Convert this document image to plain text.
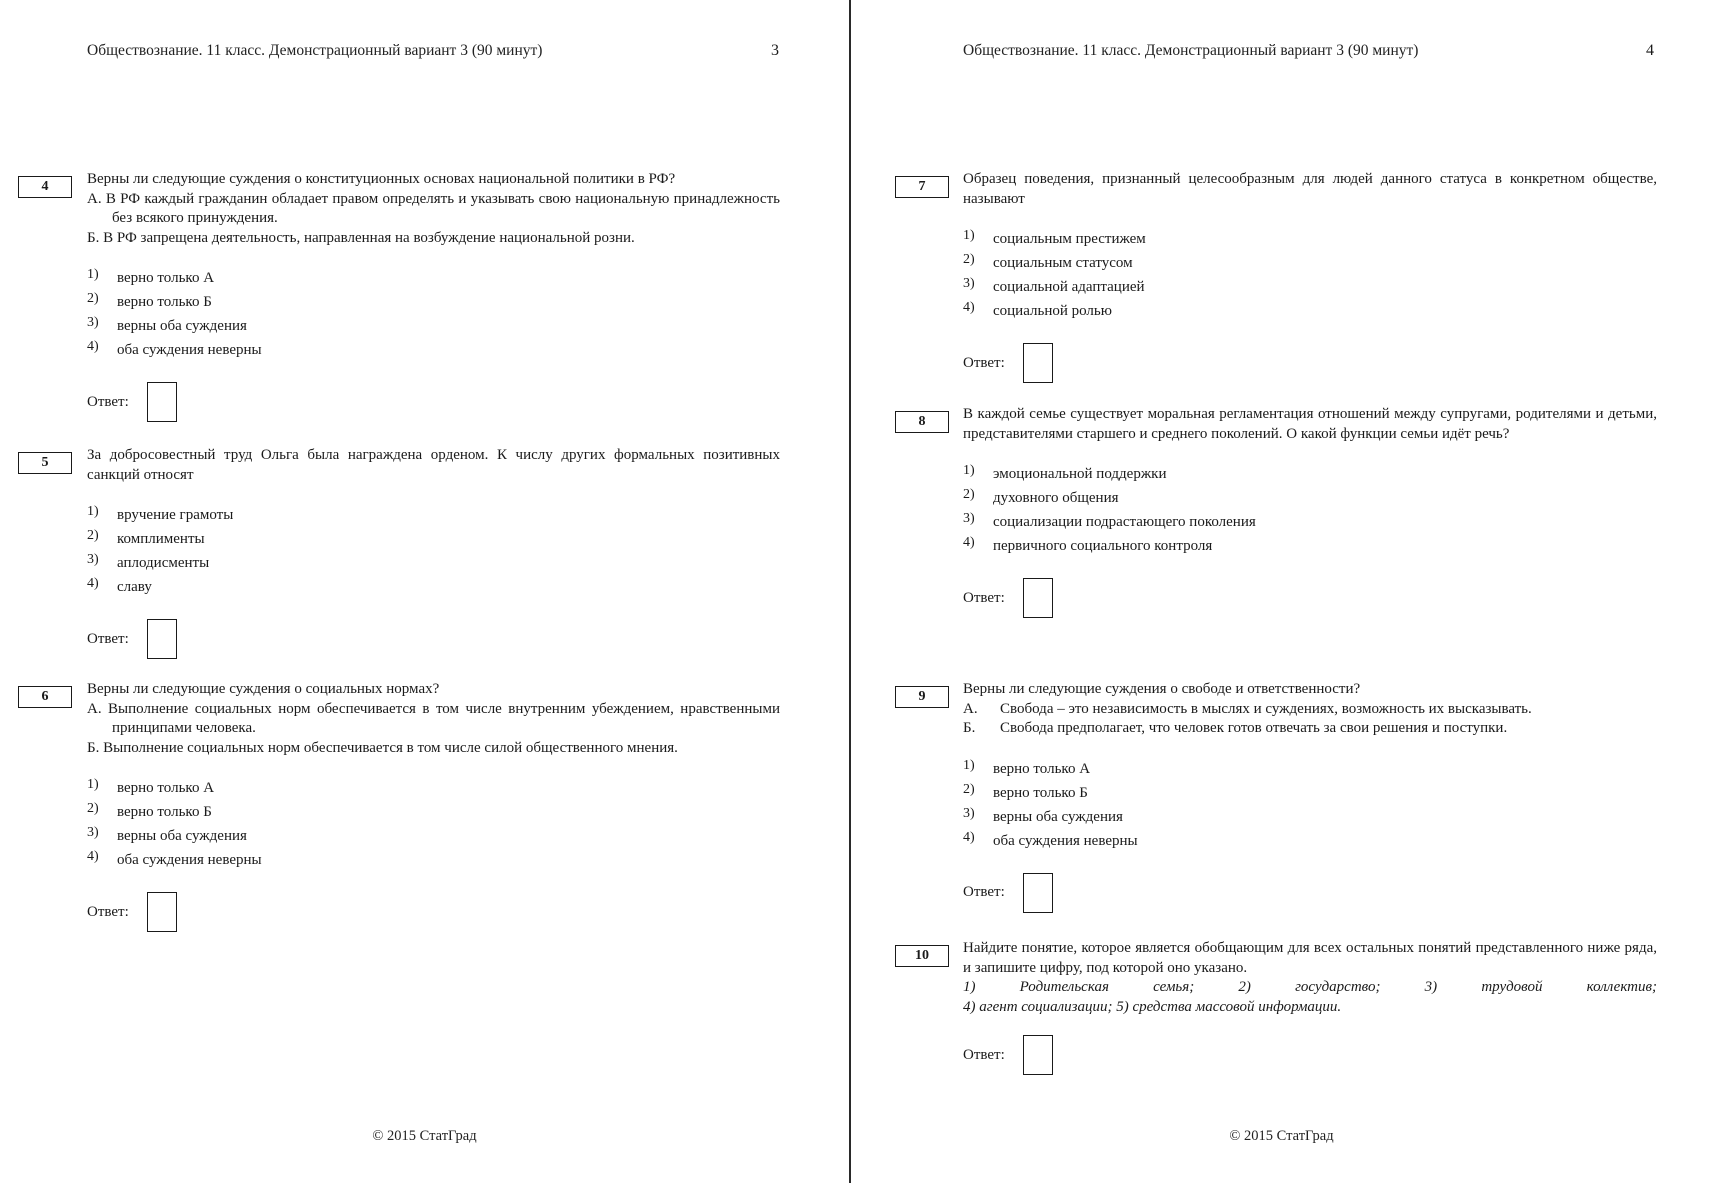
Обществознание. 11 класс. Демонстрационный вариант 3 (90 минут)	3
4	Верны ли следующие суждения о конституционных основах национальной политики в РФ?

А. В РФ каждый гражданин обладает правом определять и указывать свою национальную принадлежность без всякого принуждения.

Б. В РФ запрещена деятельность, направленная на возбуждение национальной розни.

1)	верно только А
2)	верно только Б
3)	верны оба суждения
4)	оба суждения неверны
Ответ:
5	За добросовестный труд Ольга была награждена орденом. К числу других формальных позитивных санкций относят

1)	вручение грамоты
2)	комплименты
3)	аплодисменты
4)	славу
Ответ:
6	Верны ли следующие суждения о социальных нормах?

А. Выполнение социальных норм обеспечивается в том числе внутренним убеждением, нравственными принципами человека.

Б. Выполнение социальных норм обеспечивается в том числе силой общественного мнения.

1)	верно только А
2)	верно только Б
3)	верны оба суждения
4)	оба суждения неверны
Ответ:
© 2015 СтатГрад
Обществознание. 11 класс. Демонстрационный вариант 3 (90 минут)	4
7	Образец поведения, признанный целесообразным для людей данного статуса в конкретном обществе, называют

1)	социальным престижем
2)	социальным статусом
3)	социальной адаптацией
4)	социальной ролью
Ответ:
8	В каждой семье существует моральная регламентация отношений между супругами, родителями и детьми, представителями старшего и среднего поколений. О какой функции семьи идёт речь?

1)	эмоциональной поддержки
2)	духовного общения
3)	социализации подрастающего поколения
4)	первичного социального контроля
Ответ:
9	Верны ли следующие суждения о свободе и ответственности?

А.	Свобода – это независимость в мыслях и суждениях, возможность их высказывать.

Б.	Свобода предполагает, что человек готов отвечать за свои решения и поступки.

1)	верно только А
2)	верно только Б
3)	верны оба суждения
4)	оба суждения неверны
Ответ:
10	Найдите понятие, которое является обобщающим для всех остальных понятий представленного ниже ряда, и запишите цифру, под которой оно указано.

1) Родительская семья; 2) государство; 3) трудовой коллектив;

4) агент социализации; 5) средства массовой информации.

Ответ:
© 2015 СтатГрад
